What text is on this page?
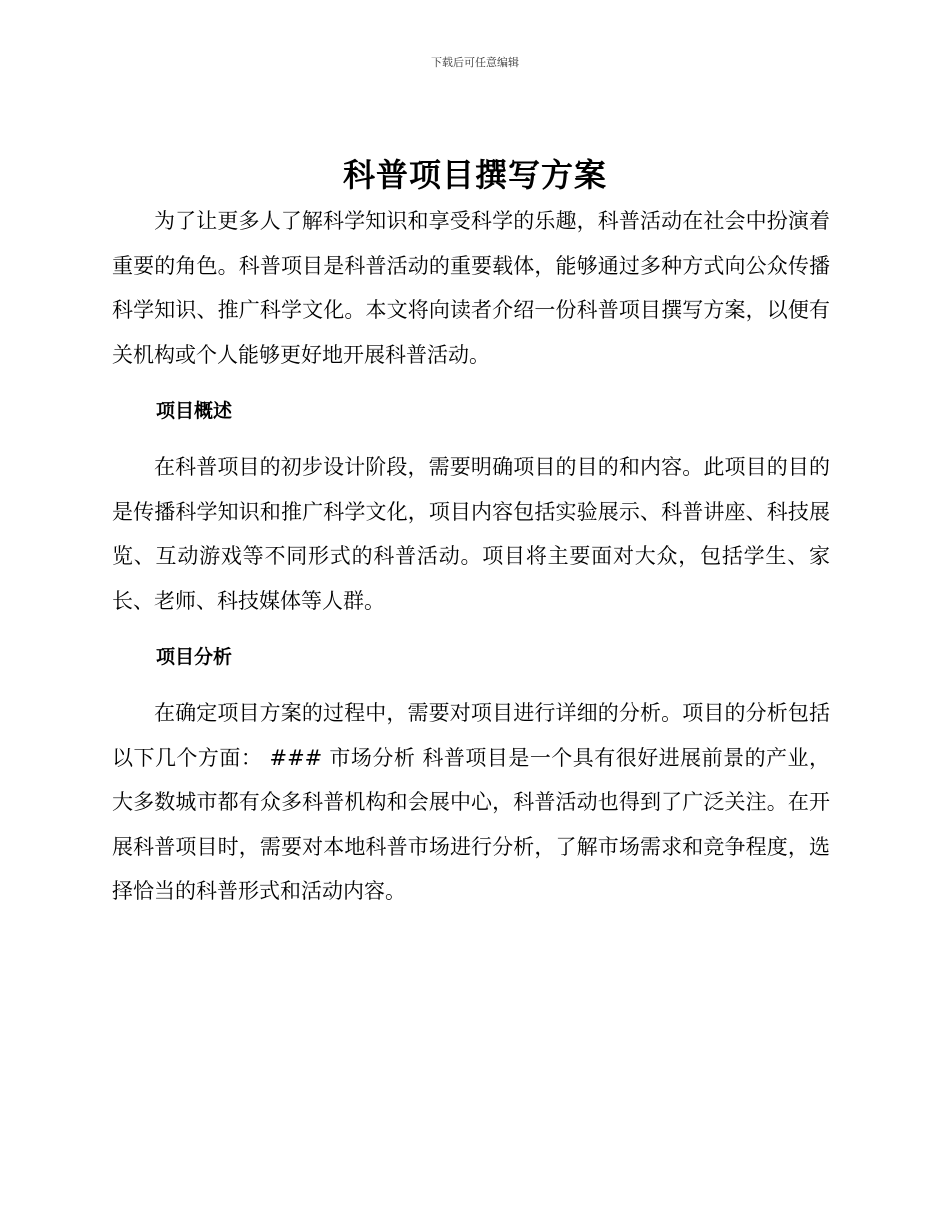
下载后可任意编辑
科普项目撰写方案

为了让更多人了解科学知识和享受科学的乐趣，科普活动在社会中扮演着重要的角色。科普项目是科普活动的重要载体，能够通过多种方式向公众传播科学知识、推广科学文化。本文将向读者介绍一份科普项目撰写方案，以便有关机构或个人能够更好地开展科普活动。

项目概述

在科普项目的初步设计阶段，需要明确项目的目的和内容。此项目的目的是传播科学知识和推广科学文化，项目内容包括实验展示、科普讲座、科技展览、互动游戏等不同形式的科普活动。项目将主要面对大众，包括学生、家长、老师、科技媒体等人群。

项目分析

在确定项目方案的过程中，需要对项目进行详细的分析。项目的分析包括以下几个方面： ### 市场分析 科普项目是一个具有很好进展前景的产业，大多数城市都有众多科普机构和会展中心，科普活动也得到了广泛关注。在开展科普项目时，需要对本地科普市场进行分析，了解市场需求和竞争程度，选择恰当的科普形式和活动内容。
